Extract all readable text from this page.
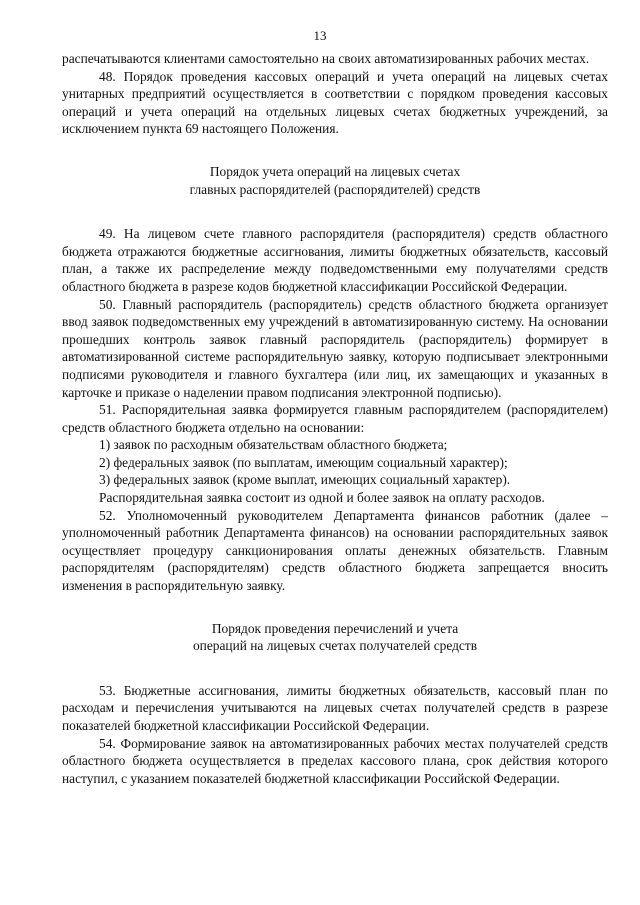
13

распечатываются клиентами самостоятельно на своих автоматизированных рабочих местах.

48. Порядок проведения кассовых операций и учета операций на лицевых счетах унитарных предприятий осуществляется в соответствии с порядком проведения кассовых операций и учета операций на отдельных лицевых счетах бюджетных учреждений, за исключением пункта 69 настоящего Положения.

Порядок учета операций на лицевых счетах
главных распорядителей (распорядителей) средств

49. На лицевом счете главного распорядителя (распорядителя) средств областного бюджета отражаются бюджетные ассигнования, лимиты бюджетных обязательств, кассовый план, а также их распределение между подведомственными ему получателями средств областного бюджета в разрезе кодов бюджетной классификации Российской Федерации.

50. Главный распорядитель (распорядитель) средств областного бюджета организует ввод заявок подведомственных ему учреждений в автоматизированную систему. На основании прошедших контроль заявок главный распорядитель (распорядитель) формирует в автоматизированной системе распорядительную заявку, которую подписывает электронными подписями руководителя и главного бухгалтера (или лиц, их замещающих и указанных в карточке и приказе о наделении правом подписания электронной подписью).

51. Распорядительная заявка формируется главным распорядителем (распорядителем) средств областного бюджета отдельно на основании:

1) заявок по расходным обязательствам областного бюджета;

2) федеральных заявок (по выплатам, имеющим социальный характер);

3) федеральных заявок (кроме выплат, имеющих социальный характер).

Распорядительная заявка состоит из одной и более заявок на оплату расходов.

52. Уполномоченный руководителем Департамента финансов работник (далее – уполномоченный работник Департамента финансов) на основании распорядительных заявок осуществляет процедуру санкционирования оплаты денежных обязательств. Главным распорядителям (распорядителям) средств областного бюджета запрещается вносить изменения в распорядительную заявку.

Порядок проведения перечислений и учета
операций на лицевых счетах получателей средств

53. Бюджетные ассигнования, лимиты бюджетных обязательств, кассовый план по расходам и перечисления учитываются на лицевых счетах получателей средств в разрезе показателей бюджетной классификации Российской Федерации.

54. Формирование заявок на автоматизированных рабочих местах получателей средств областного бюджета осуществляется в пределах кассового плана, срок действия которого наступил, с указанием показателей бюджетной классификации Российской Федерации.
